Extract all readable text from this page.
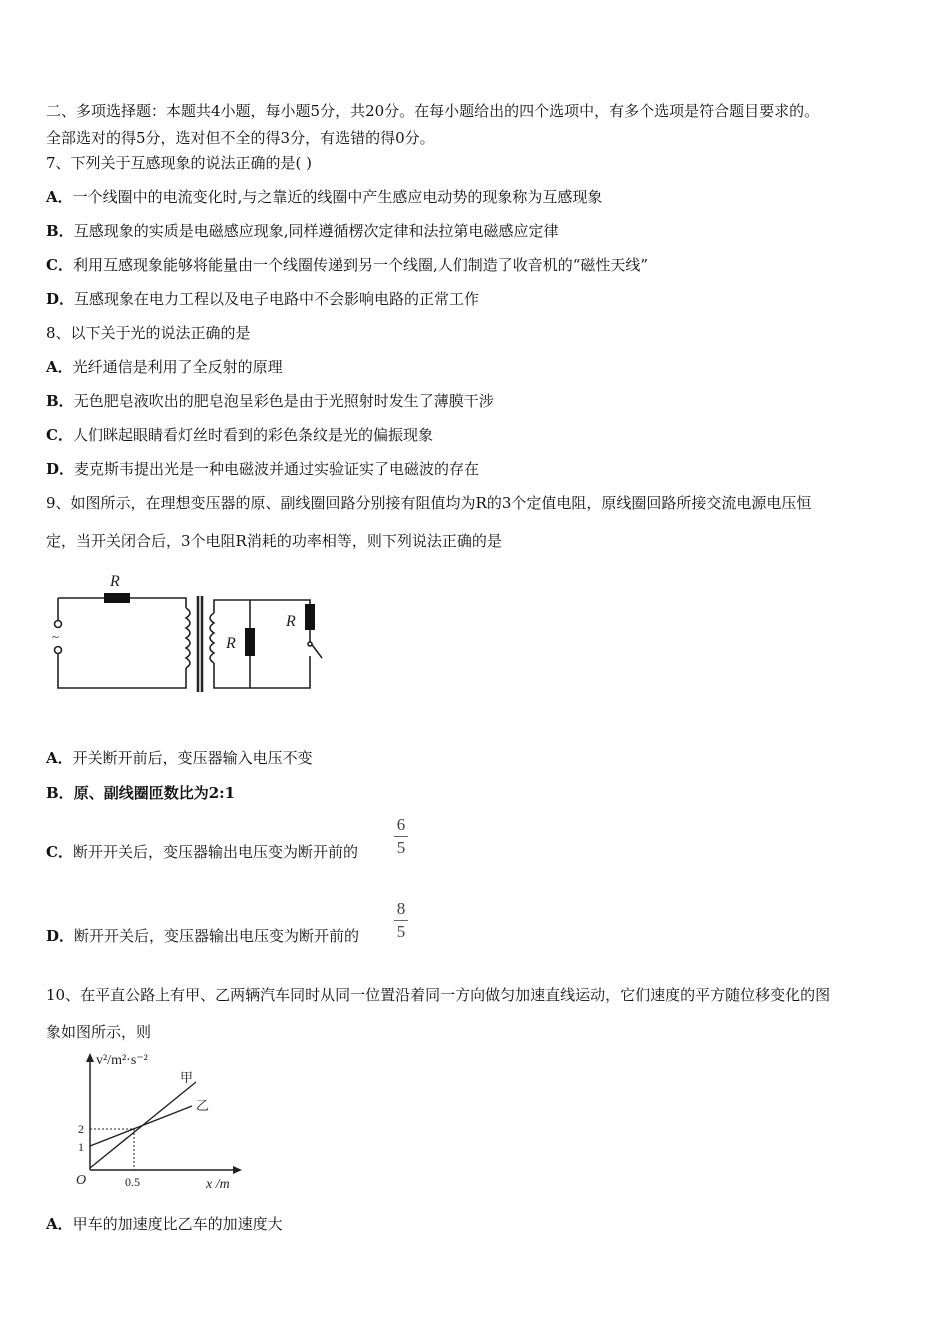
二、多项选择题：本题共4小题，每小题5分，共20分。在每小题给出的四个选项中，有多个选项是符合题目要求的。
全部选对的得5分，选对但不全的得3分，有选错的得0分。
7、下列关于互感现象的说法正确的是( )
A．一个线圈中的电流变化时,与之靠近的线圈中产生感应电动势的现象称为互感现象
B．互感现象的实质是电磁感应现象,同样遵循楞次定律和法拉第电磁感应定律
C．利用互感现象能够将能量由一个线圈传递到另一个线圈,人们制造了收音机的“磁性天线”
D．互感现象在电力工程以及电子电路中不会影响电路的正常工作
8、以下关于光的说法正确的是
A．光纤通信是利用了全反射的原理
B．无色肥皂液吹出的肥皂泡呈彩色是由于光照射时发生了薄膜干涉
C．人们眯起眼睛看灯丝时看到的彩色条纹是光的偏振现象
D．麦克斯韦提出光是一种电磁波并通过实验证实了电磁波的存在
9、如图所示，在理想变压器的原、副线圈回路分别接有阻值均为R的3个定值电阻，原线圈回路所接交流电源电压恒
定，当开关闭合后，3个电阻R消耗的功率相等，则下列说法正确的是
~
R
R
R
A．开关断开前后，变压器输入电压不变
B．原、副线圈匝数比为2:1
C．断开开关后，变压器输出电压变为断开前的
6
5
D．断开开关后，变压器输出电压变为断开前的
8
5
10、在平直公路上有甲、乙两辆汽车同时从同一位置沿着同一方向做匀加速直线运动，它们速度的平方随位移变化的图
象如图所示，则
v²/m²·s⁻²
x /m
O
2
1
0.5
甲
乙
A．甲车的加速度比乙车的加速度大
